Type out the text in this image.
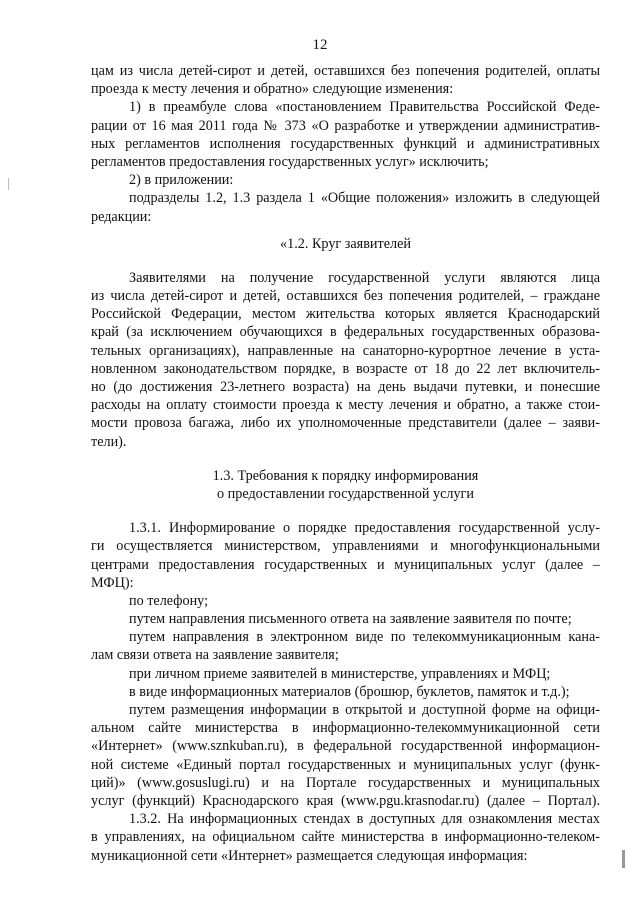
12
цам из числа детей-сирот и детей, оставшихся без попечения родителей, оплаты
проезда к месту лечения и обратно» следующие изменения:
1) в преамбуле слова «постановлением Правительства Российской Феде-
рации от 16 мая 2011 года № 373 «О разработке и утверждении административ-
ных регламентов исполнения государственных функций и административных
регламентов предоставления государственных услуг» исключить;
2) в приложении:
подразделы 1.2, 1.3 раздела 1 «Общие положения» изложить в следующей
редакции:
«1.2. Круг заявителей
Заявителями на получение государственной услуги являются лица
из числа детей-сирот и детей, оставшихся без попечения родителей, – граждане
Российской Федерации, местом жительства которых является Краснодарский
край (за исключением обучающихся в федеральных государственных образова-
тельных организациях), направленные на санаторно-курортное лечение в уста-
новленном законодательством порядке, в возрасте от 18 до 22 лет включитель-
но (до достижения 23-летнего возраста) на день выдачи путевки, и понесшие
расходы на оплату стоимости проезда к месту лечения и обратно, а также стои-
мости провоза багажа, либо их уполномоченные представители (далее – заяви-
тели).
1.3. Требования к порядку информирования
о предоставлении государственной услуги
1.3.1. Информирование о порядке предоставления государственной услу-
ги осуществляется министерством, управлениями и многофункциональными
центрами предоставления государственных и муниципальных услуг (далее –
МФЦ):
по телефону;
путем направления письменного ответа на заявление заявителя по почте;
путем направления в электронном виде по телекоммуникационным кана-
лам связи ответа на заявление заявителя;
при личном приеме заявителей в министерстве, управлениях и МФЦ;
в виде информационных материалов (брошюр, буклетов, памяток и т.д.);
путем размещения информации в открытой и доступной форме на офици-
альном сайте министерства в информационно-телекоммуникационной сети
«Интернет» (www.sznkuban.ru), в федеральной государственной информацион-
ной системе «Единый портал государственных и муниципальных услуг (функ-
ций)» (www.gosuslugi.ru) и на Портале государственных и муниципальных
услуг (функций) Краснодарского края (www.pgu.krasnodar.ru) (далее – Портал).
1.3.2. На информационных стендах в доступных для ознакомления местах
в управлениях, на официальном сайте министерства в информационно-телеком-
муникационной сети «Интернет» размещается следующая информация:
